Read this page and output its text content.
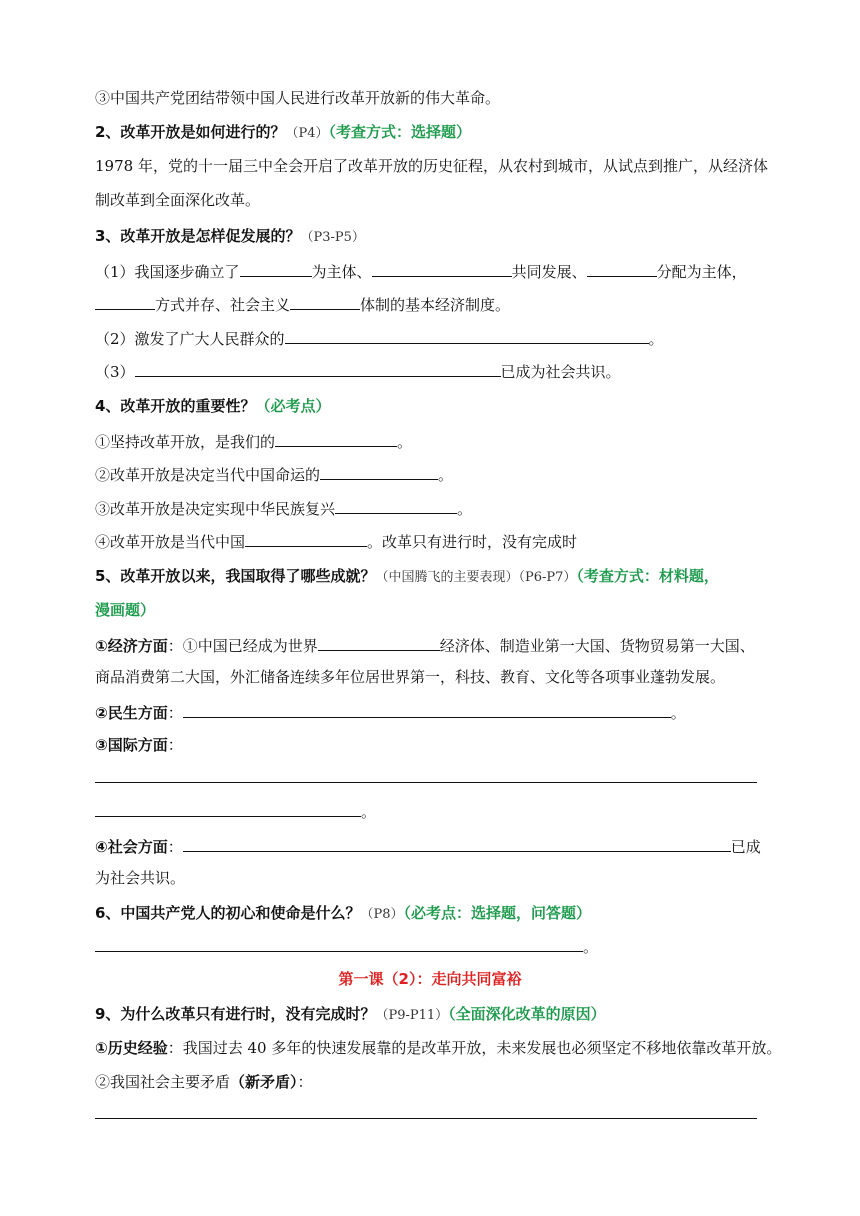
③中国共产党团结带领中国人民进行改革开放新的伟大革命。
2、改革开放是如何进行的？（P4）（考查方式：选择题）
1978 年，党的十一届三中全会开启了改革开放的历史征程，从农村到城市，从试点到推广，从经济体
制改革到全面深化改革。
3、改革开放是怎样促发展的？（P3-P5）
（1）我国逐步确立了	为主体、	共同发展、	分配为主体，
方式并存、社会主义	体制的基本经济制度。
（2）激发了广大人民群众的	。
（3）	已成为社会共识。
4、改革开放的重要性？（必考点）
①坚持改革开放，是我们的	。
②改革开放是决定当代中国命运的	。
③改革开放是决定实现中华民族复兴	。
④改革开放是当代中国	。改革只有进行时，没有完成时
5、改革开放以来，我国取得了哪些成就？（中国腾飞的主要表现）（P6-P7）（考查方式：材料题，
漫画题）
①经济方面：①中国已经成为世界	经济体、制造业第一大国、货物贸易第一大国、
商品消费第二大国，外汇储备连续多年位居世界第一，科技、教育、文化等各项事业蓬勃发展。
②民生方面：	。
③国际方面：
。
④社会方面：	已成
为社会共识。
6、中国共产党人的初心和使命是什么？（P8）（必考点：选择题，问答题）
。
第一课（2）：走向共同富裕
9、为什么改革只有进行时，没有完成时？（P9-P11）（全面深化改革的原因）
①历史经验：我国过去 40 多年的快速发展靠的是改革开放，未来发展也必须坚定不移地依靠改革开放。
②我国社会主要矛盾（新矛盾）：
